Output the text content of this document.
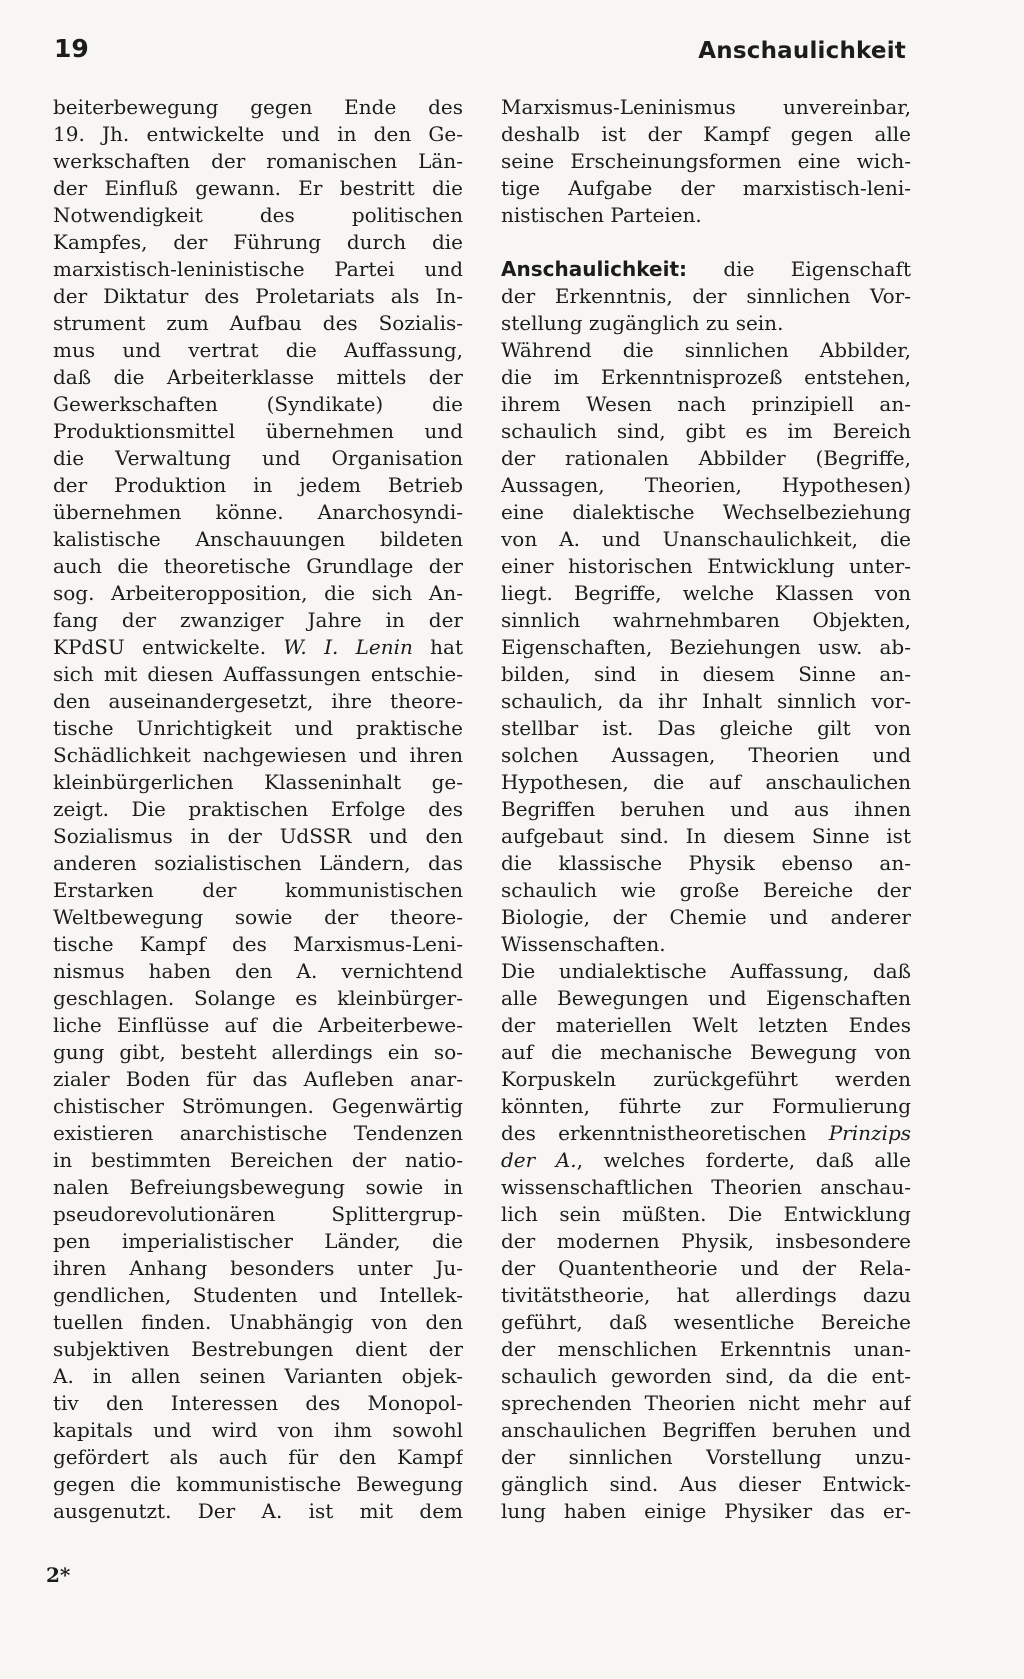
19	Anschaulichkeit
beiterbewegung gegen Ende des
19. Jh. entwickelte und in den Ge-
werkschaften der romanischen Län-
der Einfluß gewann. Er bestritt die
Notwendigkeit des politischen
Kampfes, der Führung durch die
marxistisch-leninistische Partei und
der Diktatur des Proletariats als In-
strument zum Aufbau des Sozialis-
mus und vertrat die Auffassung,
daß die Arbeiterklasse mittels der
Gewerkschaften (Syndikate) die
Produktionsmittel übernehmen und
die Verwaltung und Organisation
der Produktion in jedem Betrieb
übernehmen könne. Anarchosyndi-
kalistische Anschauungen bildeten
auch die theoretische Grundlage der
sog. Arbeiteropposition, die sich An-
fang der zwanziger Jahre in der
KPdSU entwickelte. W. I. Lenin hat
sich mit diesen Auffassungen entschie-
den auseinandergesetzt, ihre theore-
tische Unrichtigkeit und praktische
Schädlichkeit nachgewiesen und ihren
kleinbürgerlichen Klasseninhalt ge-
zeigt. Die praktischen Erfolge des
Sozialismus in der UdSSR und den
anderen sozialistischen Ländern, das
Erstarken der kommunistischen
Weltbewegung sowie der theore-
tische Kampf des Marxismus-Leni-
nismus haben den A. vernichtend
geschlagen. Solange es kleinbürger-
liche Einflüsse auf die Arbeiterbewe-
gung gibt, besteht allerdings ein so-
zialer Boden für das Aufleben anar-
chistischer Strömungen. Gegenwärtig
existieren anarchistische Tendenzen
in bestimmten Bereichen der natio-
nalen Befreiungsbewegung sowie in
pseudorevolutionären Splittergrup-
pen imperialistischer Länder, die
ihren Anhang besonders unter Ju-
gendlichen, Studenten und Intellek-
tuellen finden. Unabhängig von den
subjektiven Bestrebungen dient der
A. in allen seinen Varianten objek-
tiv den Interessen des Monopol-
kapitals und wird von ihm sowohl
gefördert als auch für den Kampf
gegen die kommunistische Bewegung
ausgenutzt. Der A. ist mit dem
Marxismus-Leninismus unvereinbar,
deshalb ist der Kampf gegen alle
seine Erscheinungsformen eine wich-
tige Aufgabe der marxistisch-leni-
nistischen Parteien.
Anschaulichkeit: die Eigenschaft
der Erkenntnis, der sinnlichen Vor-
stellung zugänglich zu sein.
Während die sinnlichen Abbilder,
die im Erkenntnisprozeß entstehen,
ihrem Wesen nach prinzipiell an-
schaulich sind, gibt es im Bereich
der rationalen Abbilder (Begriffe,
Aussagen, Theorien, Hypothesen)
eine dialektische Wechselbeziehung
von A. und Unanschaulichkeit, die
einer historischen Entwicklung unter-
liegt. Begriffe, welche Klassen von
sinnlich wahrnehmbaren Objekten,
Eigenschaften, Beziehungen usw. ab-
bilden, sind in diesem Sinne an-
schaulich, da ihr Inhalt sinnlich vor-
stellbar ist. Das gleiche gilt von
solchen Aussagen, Theorien und
Hypothesen, die auf anschaulichen
Begriffen beruhen und aus ihnen
aufgebaut sind. In diesem Sinne ist
die klassische Physik ebenso an-
schaulich wie große Bereiche der
Biologie, der Chemie und anderer
Wissenschaften.
Die undialektische Auffassung, daß
alle Bewegungen und Eigenschaften
der materiellen Welt letzten Endes
auf die mechanische Bewegung von
Korpuskeln zurückgeführt werden
könnten, führte zur Formulierung
des erkenntnistheoretischen Prinzips
der A., welches forderte, daß alle
wissenschaftlichen Theorien anschau-
lich sein müßten. Die Entwicklung
der modernen Physik, insbesondere
der Quantentheorie und der Rela-
tivitätstheorie, hat allerdings dazu
geführt, daß wesentliche Bereiche
der menschlichen Erkenntnis unan-
schaulich geworden sind, da die ent-
sprechenden Theorien nicht mehr auf
anschaulichen Begriffen beruhen und
der sinnlichen Vorstellung unzu-
gänglich sind. Aus dieser Entwick-
lung haben einige Physiker das er-
2*
